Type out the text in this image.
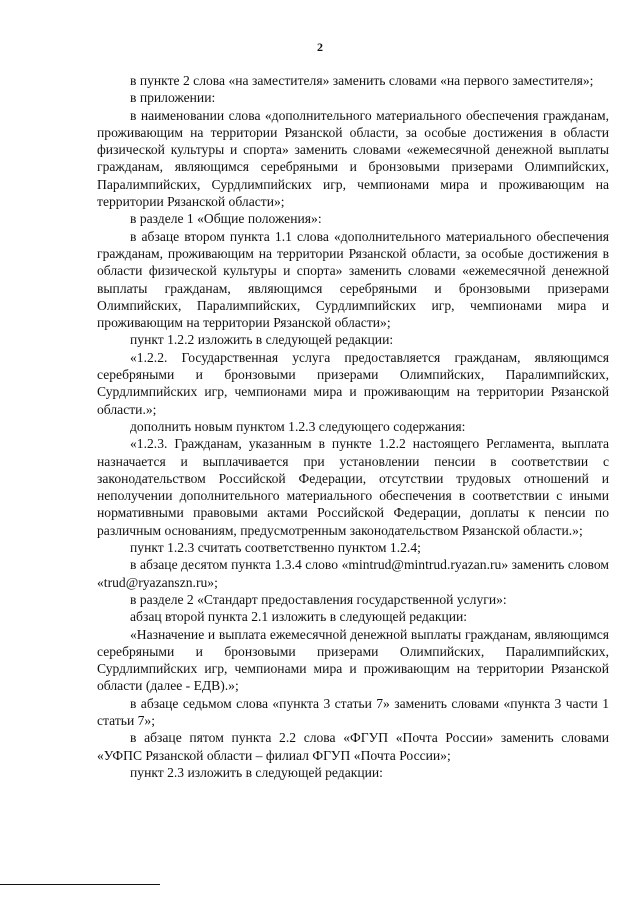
2

в пункте 2 слова «на заместителя» заменить словами «на первого заместителя»;

в приложении:

в наименовании слова «дополнительного материального обеспечения гражданам, проживающим на территории Рязанской области, за особые достижения в области физической культуры и спорта» заменить словами «ежемесячной денежной выплаты гражданам, являющимся серебряными и бронзовыми призерами Олимпийских, Паралимпийских, Сурдлимпийских игр, чемпионами мира и проживающим на территории Рязанской области»;

в разделе 1 «Общие положения»:

в абзаце втором пункта 1.1 слова «дополнительного материального обеспечения гражданам, проживающим на территории Рязанской области, за особые достижения в области физической культуры и спорта» заменить словами «ежемесячной денежной выплаты гражданам, являющимся серебряными и бронзовыми призерами Олимпийских, Паралимпийских, Сурдлимпийских игр, чемпионами мира и проживающим на территории Рязанской области»;

пункт 1.2.2 изложить в следующей редакции:

«1.2.2. Государственная услуга предоставляется гражданам, являющимся серебряными и бронзовыми призерами Олимпийских, Паралимпийских, Сурдлимпийских игр, чемпионами мира и проживающим на территории Рязанской области.»;

дополнить новым пунктом 1.2.3 следующего содержания:

«1.2.3. Гражданам, указанным в пункте 1.2.2 настоящего Регламента, выплата назначается и выплачивается при установлении пенсии в соответствии с законодательством Российской Федерации, отсутствии трудовых отношений и неполучении дополнительного материального обеспечения в соответствии с иными нормативными правовыми актами Российской Федерации, доплаты к пенсии по различным основаниям, предусмотренным законодательством Рязанской области.»;

пункт 1.2.3 считать соответственно пунктом 1.2.4;

в абзаце десятом пункта 1.3.4 слово «mintrud@mintrud.ryazan.ru» заменить словом «trud@ryazanszn.ru»;

в разделе 2 «Стандарт предоставления государственной услуги»:

абзац второй пункта 2.1 изложить в следующей редакции:

«Назначение и выплата ежемесячной денежной выплаты гражданам, являющимся серебряными и бронзовыми призерами Олимпийских, Паралимпийских, Сурдлимпийских игр, чемпионами мира и проживающим на территории Рязанской области (далее - ЕДВ).»;

в абзаце седьмом слова «пункта 3 статьи 7» заменить словами «пункта 3 части 1 статьи 7»;

в абзаце пятом пункта 2.2 слова «ФГУП «Почта России» заменить словами «УФПС Рязанской области – филиал ФГУП «Почта России»;

пункт 2.3 изложить в следующей редакции:
